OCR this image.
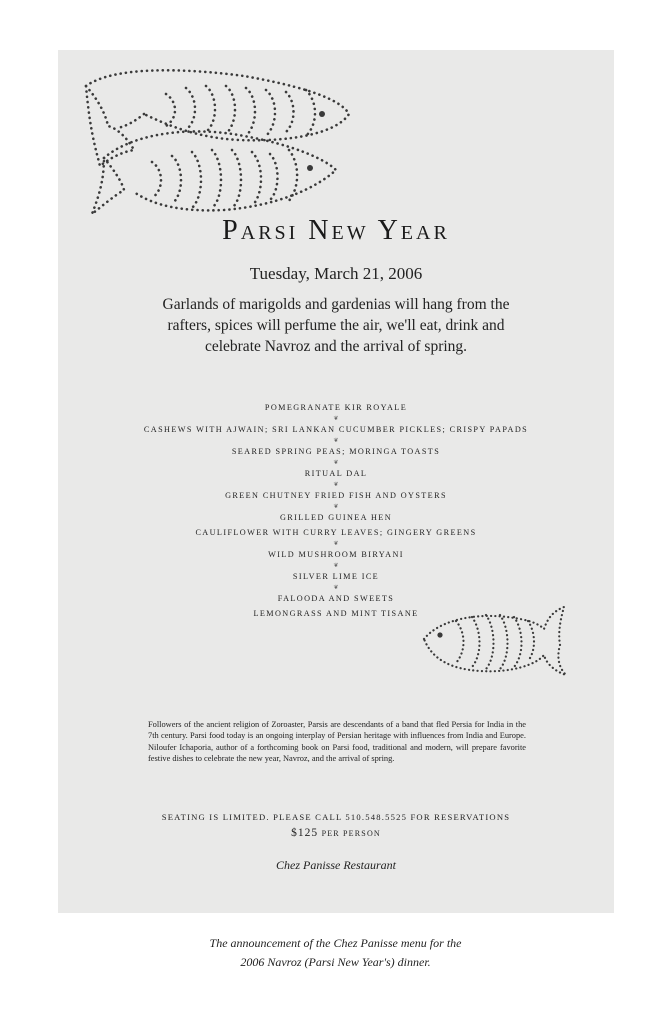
Parsi New Year
Tuesday, March 21, 2006
Garlands of marigolds and gardenias will hang from the rafters, spices will perfume the air, we'll eat, drink and celebrate Navroz and the arrival of spring.
POMEGRANATE KIR ROYALE
❦
CASHEWS WITH AJWAIN; SRI LANKAN CUCUMBER PICKLES; CRISPY PAPADS
❦
SEARED SPRING PEAS; MORINGA TOASTS
❦
RITUAL DAL
❦
GREEN CHUTNEY FRIED FISH AND OYSTERS
❦
GRILLED GUINEA HEN
CAULIFLOWER WITH CURRY LEAVES; GINGERY GREENS
❦
WILD MUSHROOM BIRYANI
❦
SILVER LIME ICE
❦
FALOODA AND SWEETS
LEMONGRASS AND MINT TISANE
Followers of the ancient religion of Zoroaster, Parsis are descendants of a band that fled Persia for India in the 7th century. Parsi food today is an ongoing interplay of Persian heritage with influences from India and Europe. Niloufer Ichaporia, author of a forthcoming book on Parsi food, traditional and modern, will prepare favorite festive dishes to celebrate the new year, Navroz, and the arrival of spring.
SEATING IS LIMITED. PLEASE CALL 510.548.5525 FOR RESERVATIONS
$125 PER PERSON
Chez Panisse Restaurant
The announcement of the Chez Panisse menu for the
2006 Navroz (Parsi New Year's) dinner.
